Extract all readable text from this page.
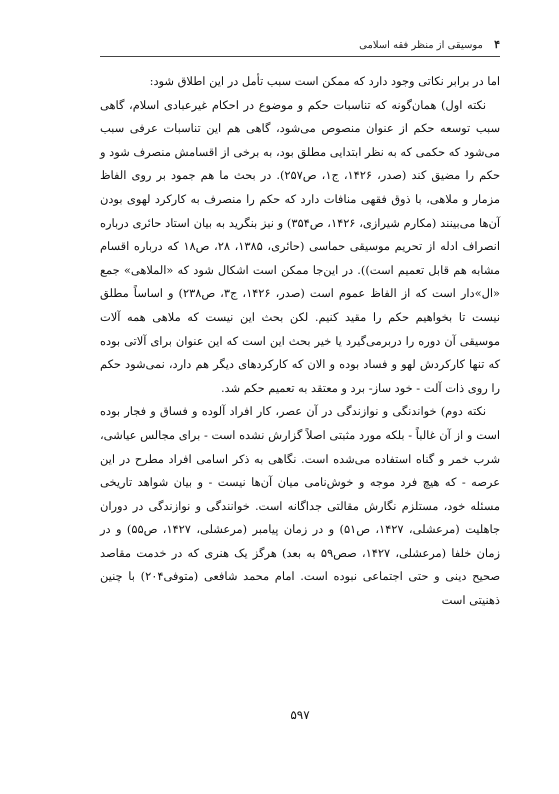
۴ موسیقی از منظر فقه اسلامی

اما در برابر نکاتی وجود دارد که ممکن است سبب تأمل در این اطلاق شود:

نکته اول) همان‌گونه که تناسبات حکم و موضوع در احکام غیرعبادی اسلام، گاهی سبب توسعه حکم از عنوان منصوص می‌شود، گاهی هم این تناسبات عرفی سبب می‌شود که حکمی که به نظر ابتدایی مطلق بود، به برخی از اقسامش منصرف شود و حکم را مضیق کند (صدر، ۱۴۲۶، ج۱، ص۲۵۷). در بحث ما هم جمود بر روی الفاظ مزمار و ملاهی، با ذوق فقهی منافات دارد که حکم را منصرف به کارکرد لهوی بودن آن‌ها می‌بینند (مکارم شیرازی، ۱۴۲۶، ص۳۵۴) و نیز بنگرید به بیان استاد حائری درباره انصراف ادله از تحریم موسیقی حماسی (حائری، ۱۳۸۵، ۲۸، ص۱۸ که درباره اقسام مشابه هم قابل تعمیم است)). در این‌جا ممکن است اشکال شود که «الملاهی» جمع «ال»دار است که از الفاظ عموم است (صدر، ۱۴۲۶، ج۳، ص۲۳۸) و اساساً مطلق نیست تا بخواهیم حکم را مقید کنیم. لکن بحث این نیست که ملاهی همه آلات موسیقی آن دوره را دربرمی‌گیرد یا خیر بحث این است که این عنوان برای آلاتی بوده که تنها کارکردش لهو و فساد بوده و الان که کارکردهای دیگر هم دارد، نمی‌شود حکم را روی ذات آلت - خود ساز- برد و معتقد به تعمیم حکم شد.

نکته دوم) خواندنگی و نوازندگی در آن عصر، کار افراد آلوده و فساق و فجار بوده است و از آن غالباً - بلکه مورد مثبتی اصلاً گزارش نشده است - برای مجالس عیاشی، شرب خمر و گناه استفاده می‌شده است. نگاهی به ذکر اسامی افراد مطرح در این عرصه - که هیچ فرد موجه و خوش‌نامی میان آن‌ها نیست - و بیان شواهد تاریخی مسئله خود، مستلزم نگارش مقالتی جداگانه است. خوانندگی و نوازندگی در دوران جاهلیت (مرعشلی، ۱۴۲۷، ص۵۱) و در زمان پیامبر (مرعشلی، ۱۴۲۷، ص۵۵) و در زمان خلفا (مرعشلی، ۱۴۲۷، صص۵۹ به بعد) هرگز یک هنری که در خدمت مقاصد صحیح دینی و حتی اجتماعی نبوده است. امام محمد شافعی (متوفی۲۰۴) با چنین ذهنیتی است

۵۹۷
